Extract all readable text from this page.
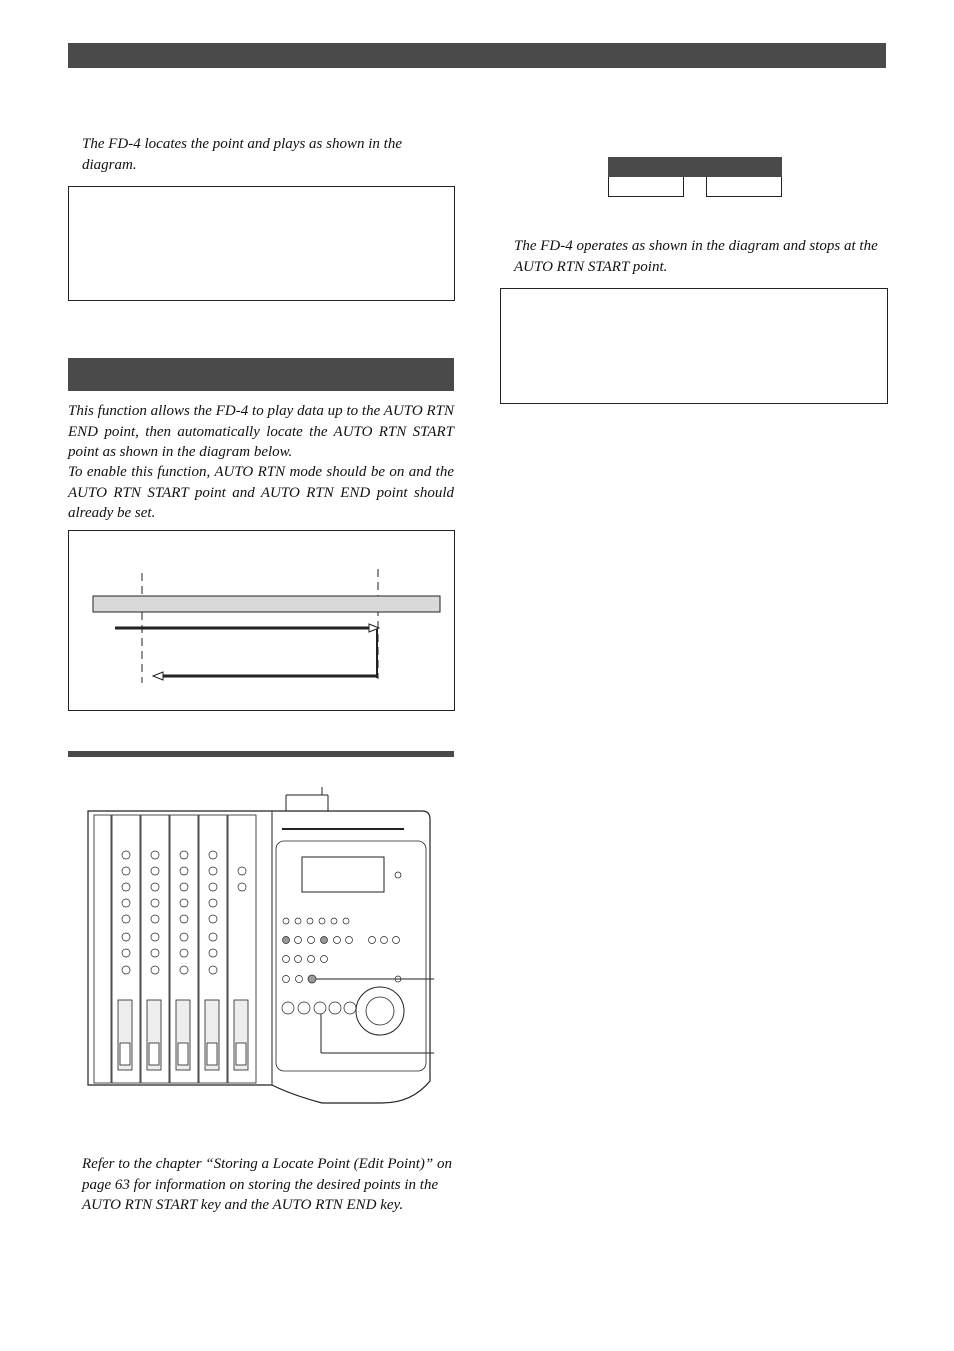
The FD-4 locates the point and plays as shown in the diagram.
This function allows the FD-4 to play data up to the AUTO RTN END point, then automatically locate the AUTO RTN START point as shown in the diagram below.
To enable this function, AUTO RTN mode should be on and the AUTO RTN START point and AUTO RTN END point should already be set.
Refer to the chapter “Storing a Locate Point (Edit Point)” on page 63 for information on storing the desired points in the AUTO RTN START key and the AUTO RTN END key.
The FD-4 operates as shown in the diagram and stops at the AUTO RTN START point.
